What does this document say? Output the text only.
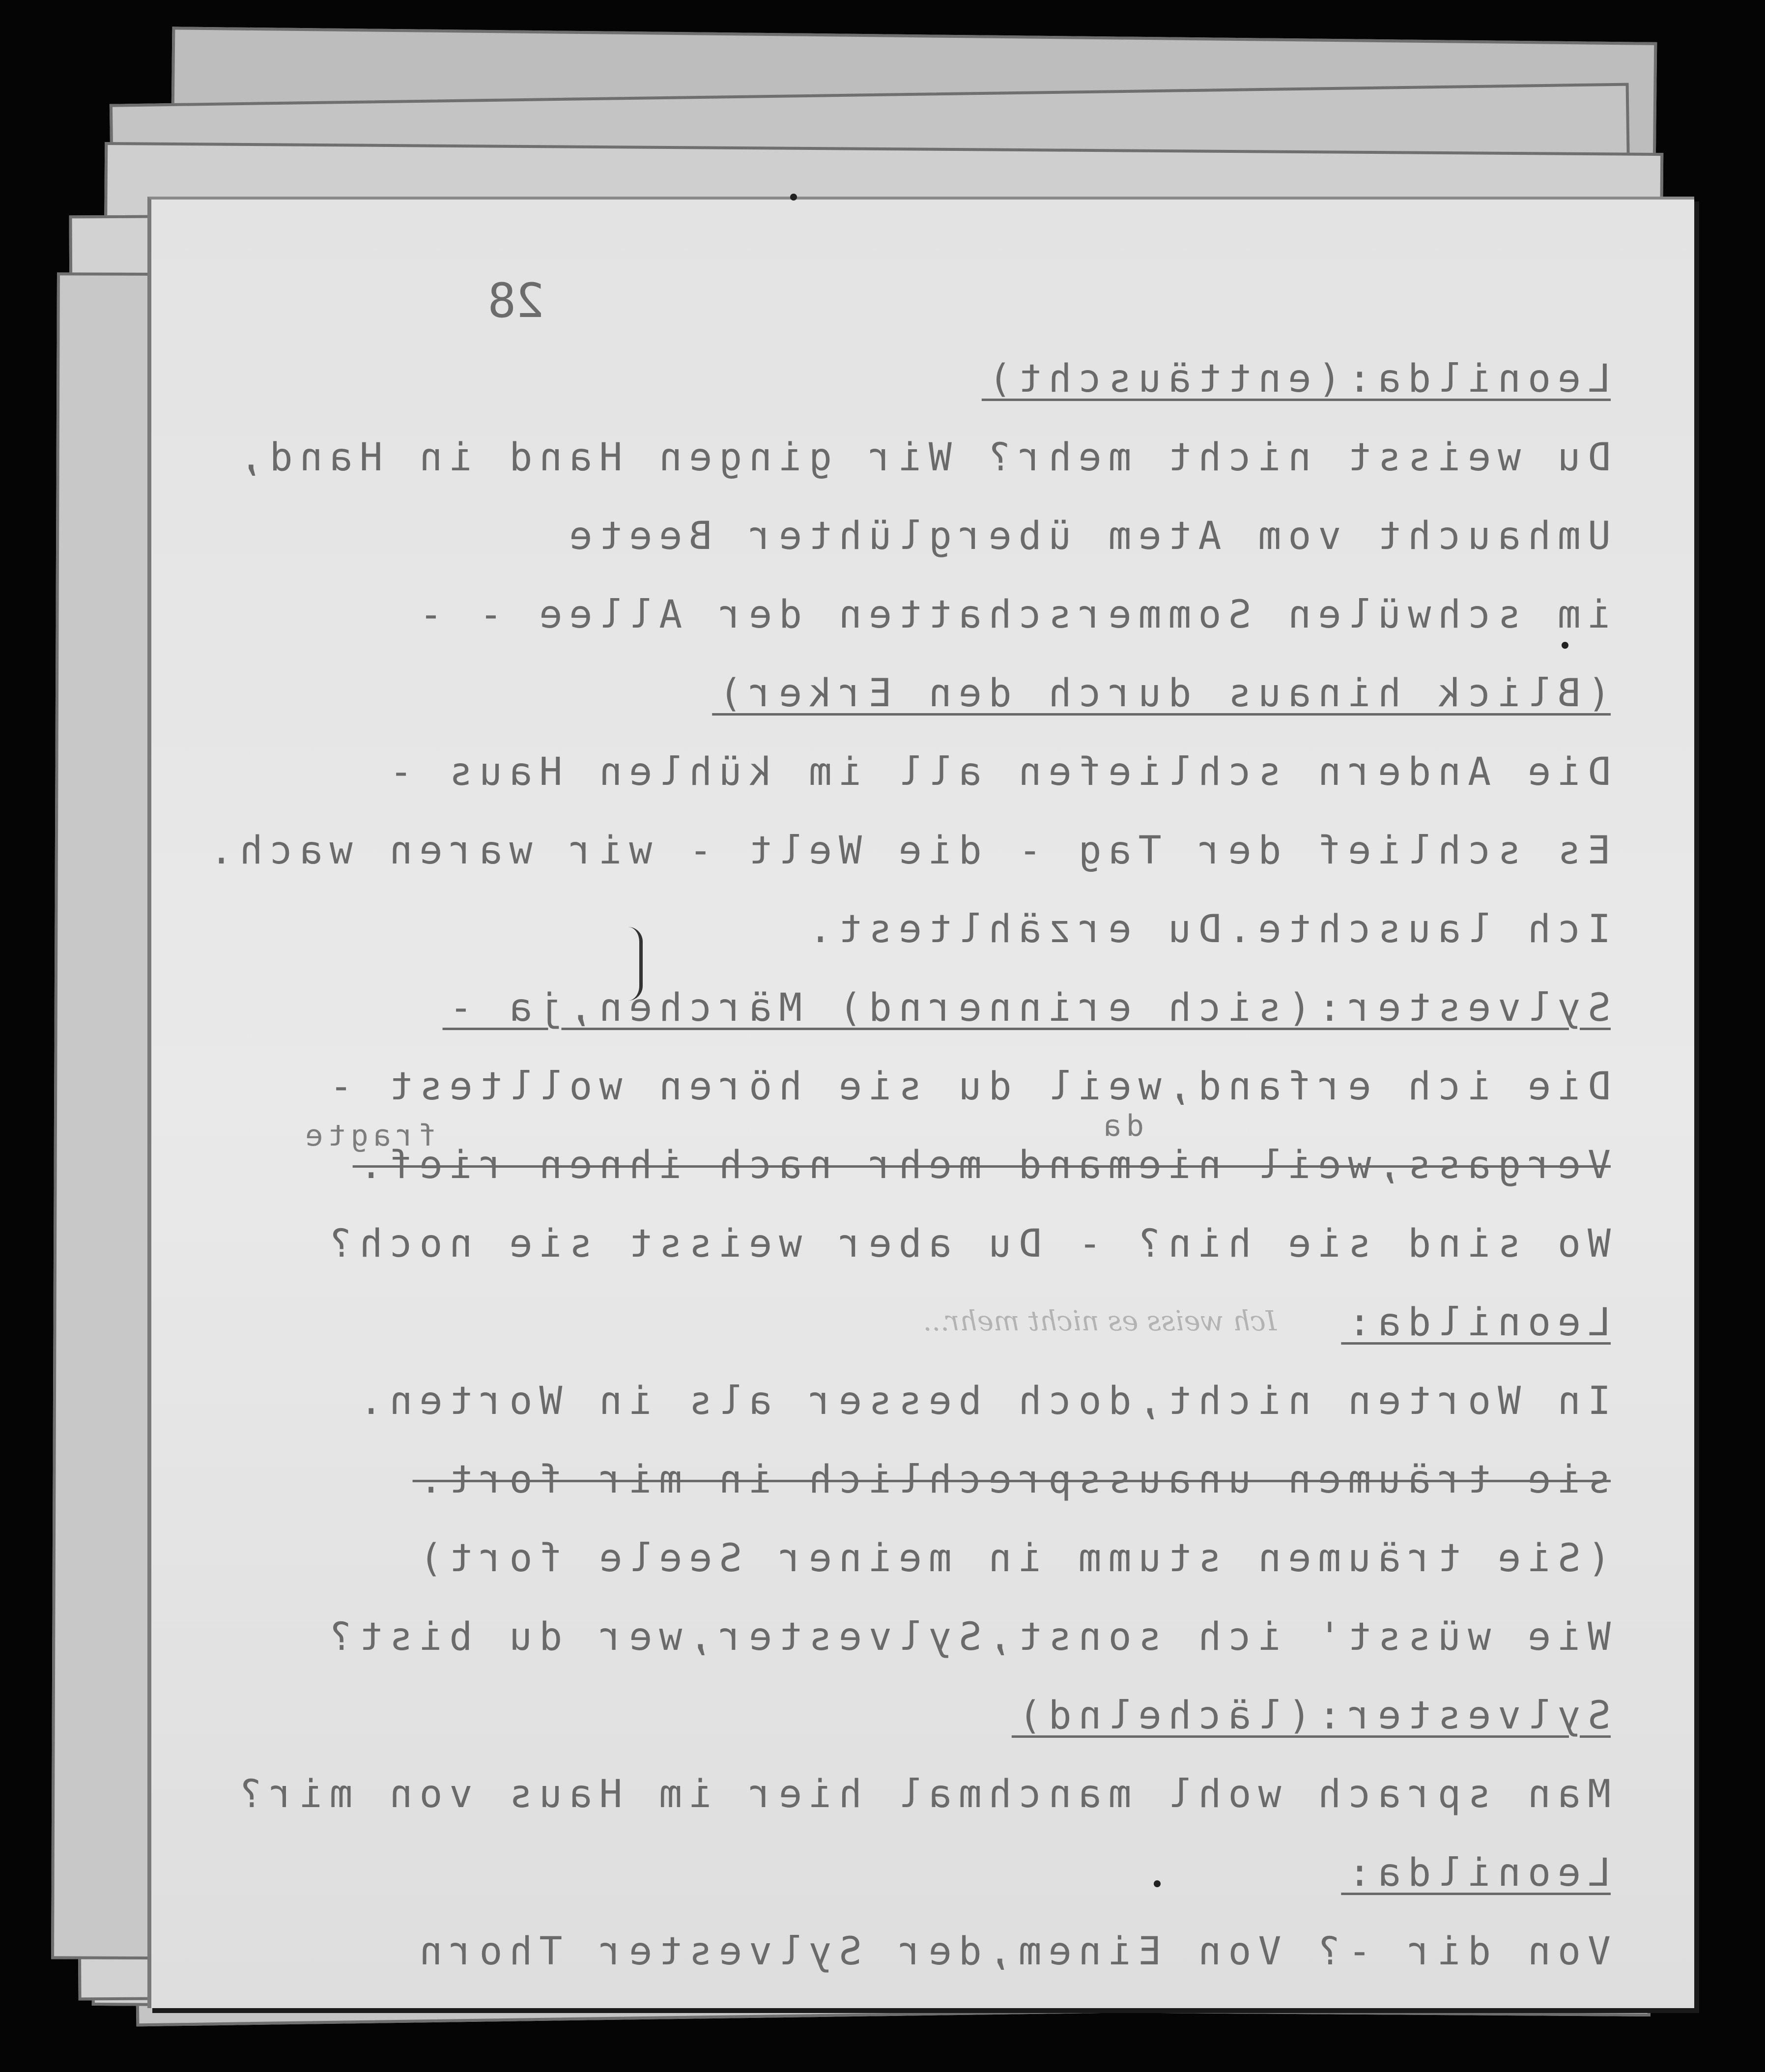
28
Leonilda:(enttäuscht)
Du weisst nicht mehr? Wir gingen Hand in Hand,
Umhaucht vom Atem überglühter Beete
im schwülen Sommerschatten der Allee - -
(Blick hinaus durch den Erker)
Die Andern schliefen all im kühlen Haus -
Es schlief der Tag - die Welt - wir waren wach.
Ich lauschte.Du erzähltest.
Sylvester:(sich erinnernd) Märchen,ja -
Die ich erfand,weil du sie hören wolltest -
da
fragte
Vergass,weil niemand mehr nach ihnen rief.
Wo sind sie hin? - Du aber weisst sie noch?
Leonilda:
Ich weiss es nicht mehr...
In Worten nicht,doch besser als in Worten.
sie träumen unaussprechlich in mir fort.
(Sie träumen stumm in meiner Seele fort)
Wie wüsst' ich sonst,Sylvester,wer du bist?
Sylvester:(lächelnd)
Man sprach wohl manchmal hier im Haus von mir?
Leonilda:
Von dir -? Von Einem,der Sylvester Thorn
